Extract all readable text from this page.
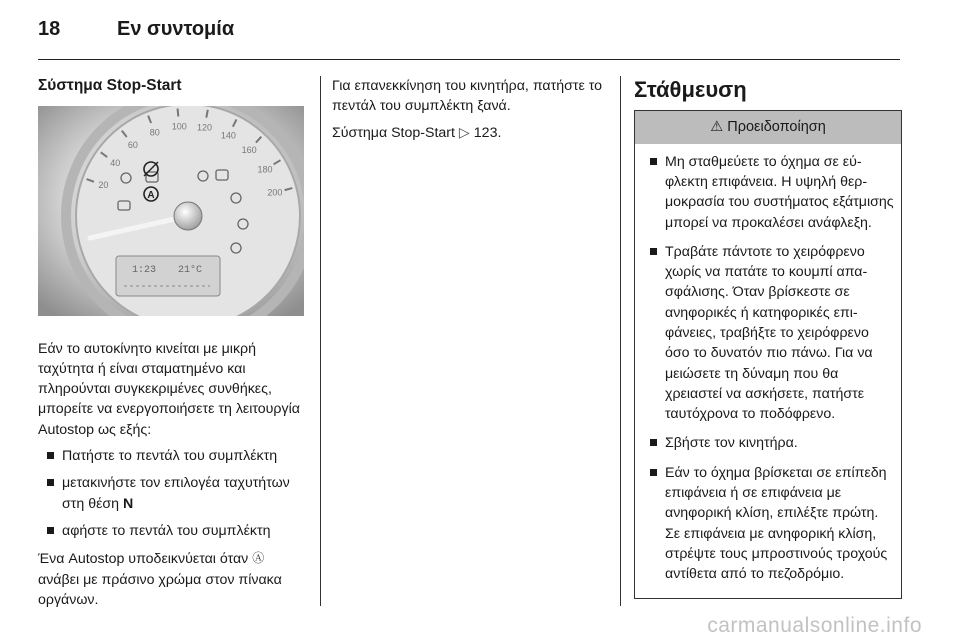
18	Εν συντομία
Σύστημα Stop-Start
20
40
60
80
100 120
140
160
180
200
A
1:23 21°C

Εάν το αυτοκίνητο κινείται με μικρή ταχύτητα ή είναι σταματημένο και πληρούνται συγκεκριμένες συνθήκες, μπορείτε να ενεργοποιήσετε τη λειτουργία Autostop ως εξής:

Πατήστε το πεντάλ του συμπλέκτη
μετακινήστε τον επιλογέα ταχυτήτων στη θέση N
αφήστε το πεντάλ του συμπλέκτη

Ένα Autostop υποδεικνύεται όταν Ⓐ ανάβει με πράσινο χρώμα στον πίνακα οργάνων.

Για επανεκκίνηση του κινητήρα, πατήστε το πεντάλ του συμπλέκτη ξανά.

Σύστημα Stop-Start ▷ 123.

Στάθμευση
⚠ Προειδοποίηση
Μη σταθμεύετε το όχημα σε εύφλεκτη επιφάνεια. Η υψηλή θερμοκρασία του συστήματος εξάτμισης μπορεί να προκαλέσει ανάφλεξη.
Τραβάτε πάντοτε το χειρόφρενο χωρίς να πατάτε το κουμπί απασφάλισης. Όταν βρίσκεστε σε ανηφορικές ή κατηφορικές επιφάνειες, τραβήξτε το χειρόφρενο όσο το δυνατόν πιο πάνω. Για να μειώσετε τη δύναμη που θα χρειαστεί να ασκήσετε, πατήστε ταυτόχρονα το ποδόφρενο.
Σβήστε τον κινητήρα.
Εάν το όχημα βρίσκεται σε επίπεδη επιφάνεια ή σε επιφάνεια με ανηφορική κλίση, επιλέξτε πρώτη. Σε επιφάνεια με ανηφορική κλίση, στρέψτε τους μπροστινούς τροχούς αντίθετα από το πεζοδρόμιο.
carmanualsonline.info
